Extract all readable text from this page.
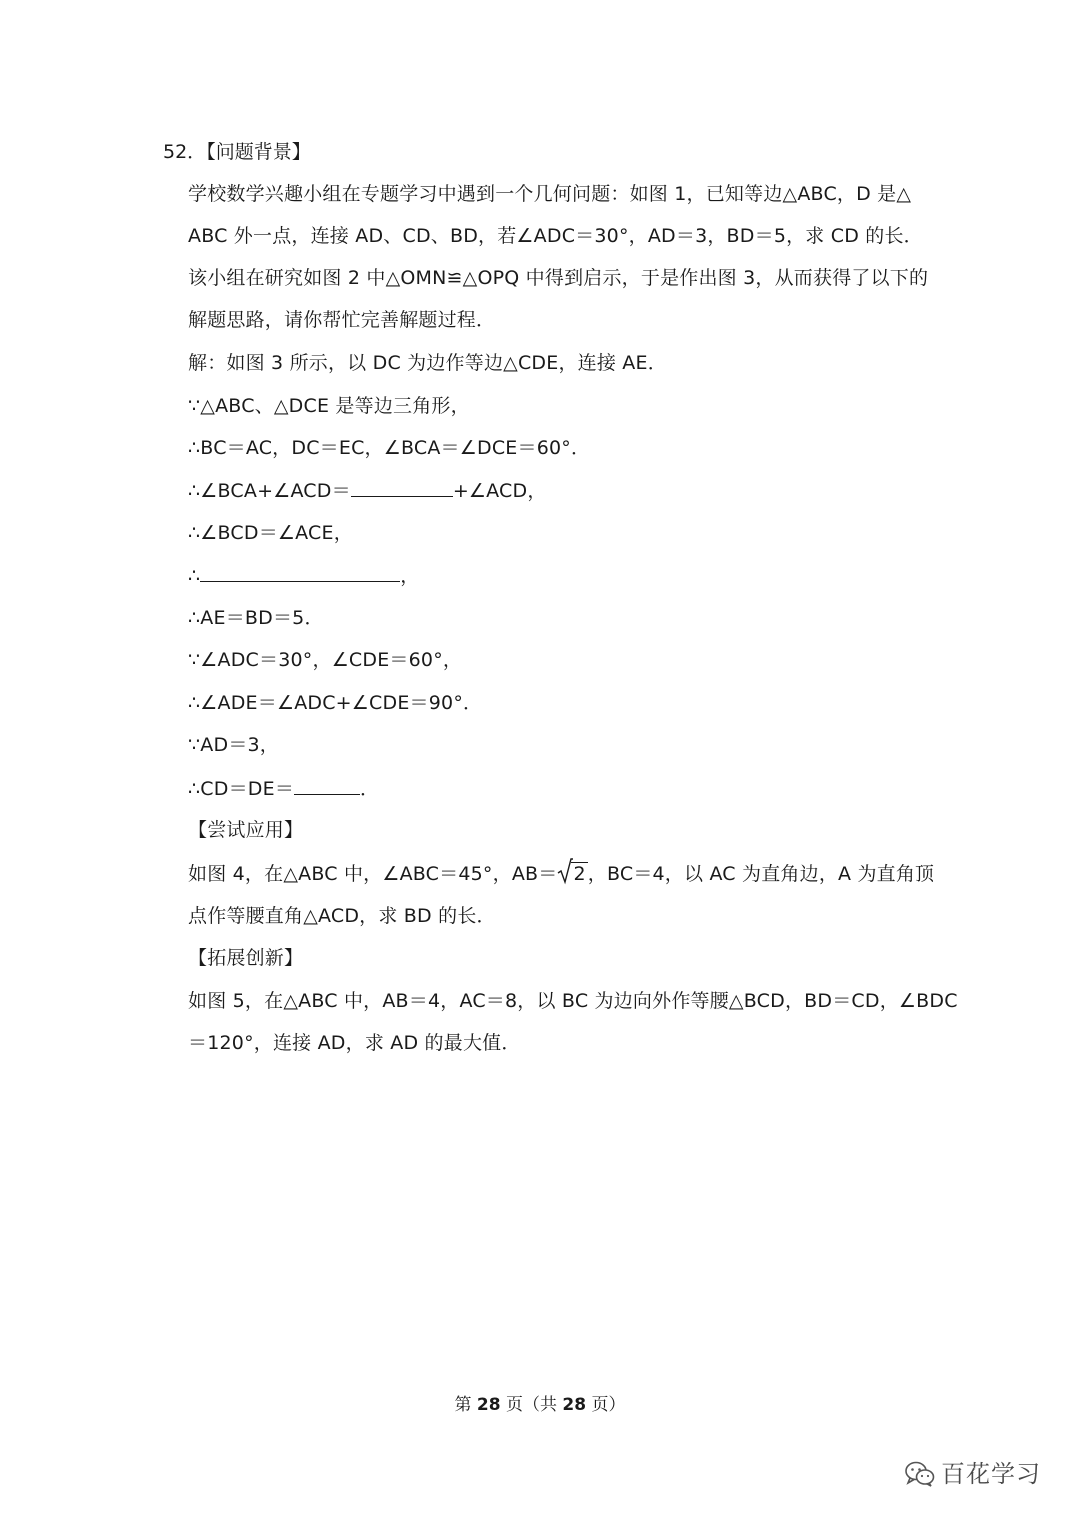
52．【问题背景】
学校数学兴趣小组在专题学习中遇到一个几何问题：如图 1，已知等边△ABC，D 是△
ABC 外一点，连接 AD、CD、BD，若∠ADC＝30°，AD＝3，BD＝5，求 CD 的长．
该小组在研究如图 2 中△OMN≌△OPQ 中得到启示，于是作出图 3，从而获得了以下的
解题思路，请你帮忙完善解题过程．
解：如图 3 所示，以 DC 为边作等边△CDE，连接 AE．
∵△ABC、△DCE 是等边三角形，
∴BC＝AC，DC＝EC，∠BCA＝∠DCE＝60°．
∴∠BCA+∠ACD＝	+∠ACD，
∴∠BCD＝∠ACE，
∴	，
∴AE＝BD＝5．
∵∠ADC＝30°，∠CDE＝60°，
∴∠ADE＝∠ADC+∠CDE＝90°．
∵AD＝3，
∴CD＝DE＝	．
【尝试应用】
如图 4，在△ABC 中，∠ABC＝45°，AB＝ 2 ，BC＝4，以 AC 为直角边，A 为直角顶
点作等腰直角△ACD，求 BD 的长．
【拓展创新】
如图 5，在△ABC 中，AB＝4，AC＝8，以 BC 为边向外作等腰△BCD，BD＝CD，∠BDC
＝120°，连接 AD，求 AD 的最大值．
第 28 页（共 28 页）
百花学习
